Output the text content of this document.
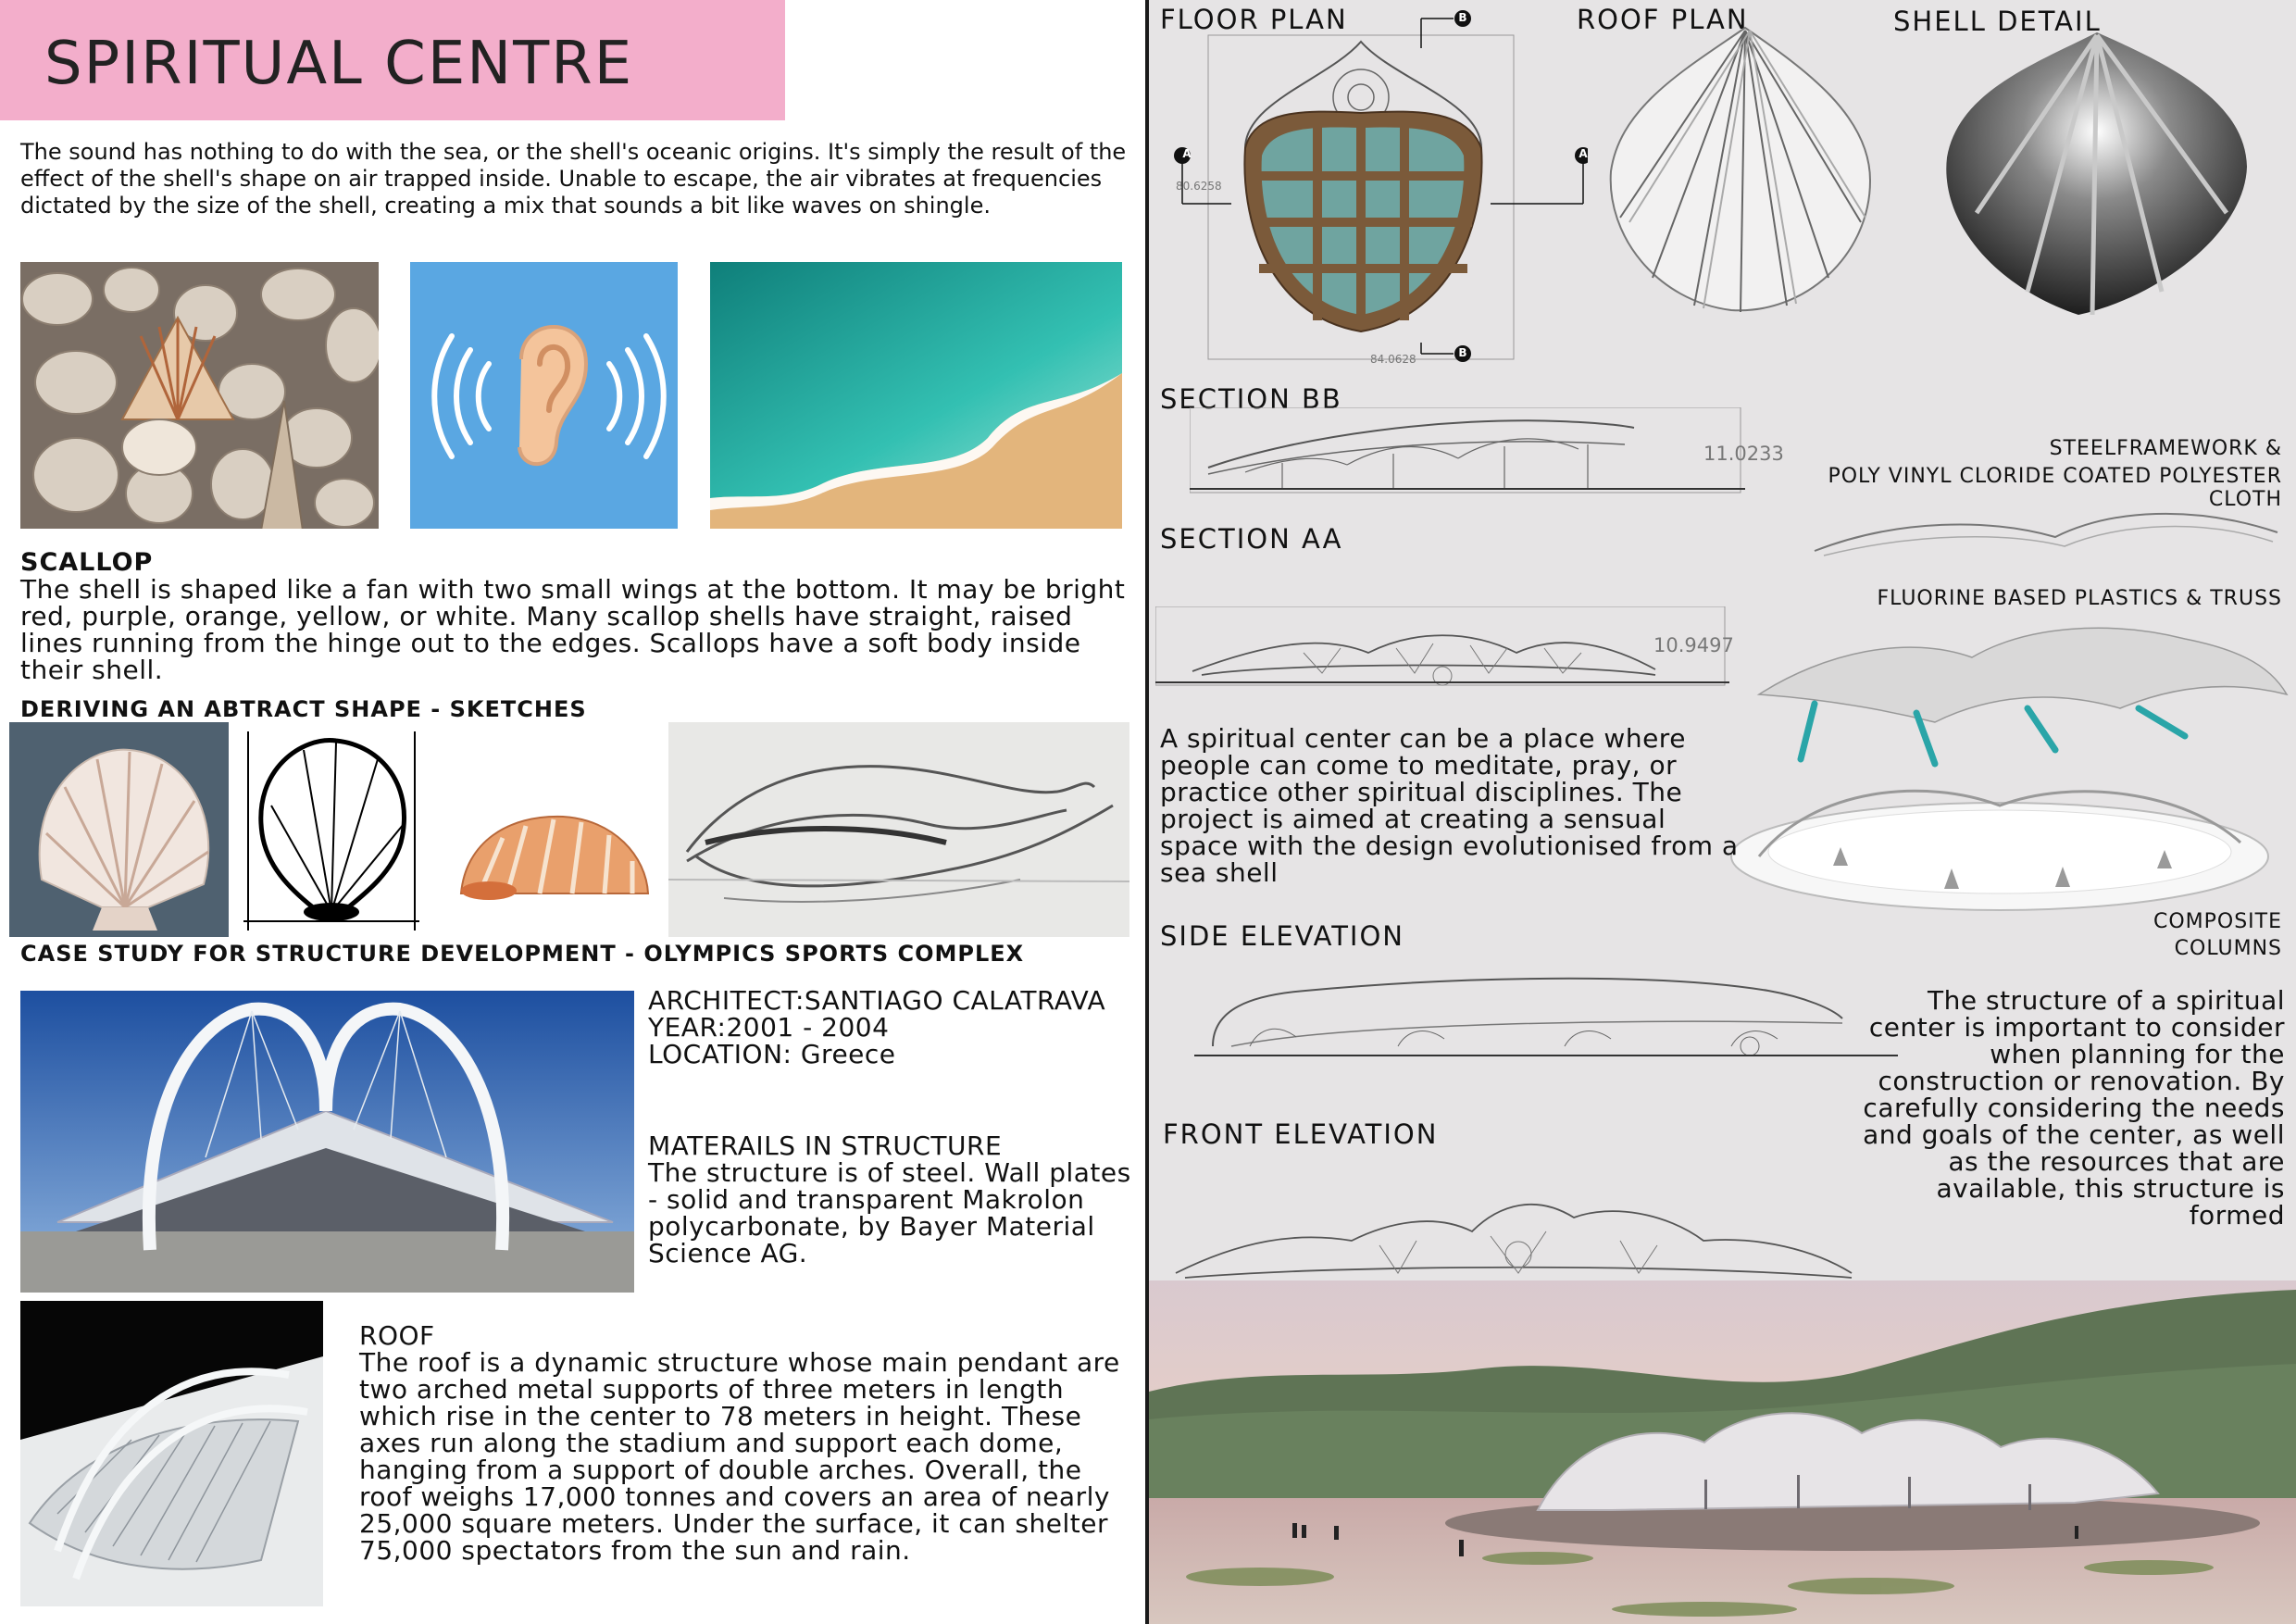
SPIRITUAL CENTRE
The sound has nothing to do with the sea, or the shell's oceanic origins. It's simply the result of the effect of the shell's shape on air trapped inside. Unable to escape, the air vibrates at frequencies dictated by the size of the shell, creating a mix that sounds a bit like waves on shingle.
SCALLOP
The shell is shaped like a fan with two small wings at the bottom. It may be bright red, purple, orange, yellow, or white. Many scallop shells have straight, raised lines running from the hinge out to the edges. Scallops have a soft body inside their shell.
DERIVING AN ABTRACT SHAPE - SKETCHES
CASE STUDY FOR STRUCTURE DEVELOPMENT - OLYMPICS SPORTS COMPLEX
ARCHITECT:SANTIAGO CALATRAVA
YEAR:2001 - 2004
LOCATION: Greece
MATERAILS IN STRUCTURE
The structure is of steel. Wall plates - solid and transparent Makrolon polycarbonate, by Bayer Material Science AG.
ROOF
The roof is a dynamic structure whose main pendant are two arched metal supports of three meters in length which rise in the center to 78 meters in height. These axes run along the stadium and support each dome, hanging from a support of double arches. Overall, the roof weighs 17,000 tonnes and covers an area of nearly 25,000 square meters. Under the surface, it can shelter 75,000 spectators from the sun and rain.
FLOOR PLAN	ROOF PLAN	SHELL DETAIL
A	A
B
B
80.6258
84.0628
SECTION BB
11.0233	STEELFRAMEWORK &
POLY VINYL CLORIDE COATED POLYESTER CLOTH
FLUORINE BASED PLASTICS & TRUSS
SECTION AA
10.9497
A spiritual center can be a place where people can come to meditate, pray, or practice other spiritual disciplines. The project is aimed at creating a sensual space with the design evolutionised from a sea shell
COMPOSITE
COLUMNS
SIDE ELEVATION
FRONT ELEVATION
The structure of a spiritual center is important to consider when planning for the construction or renovation. By carefully considering the needs and goals of the center, as well as the resources that are available, this structure is formed
